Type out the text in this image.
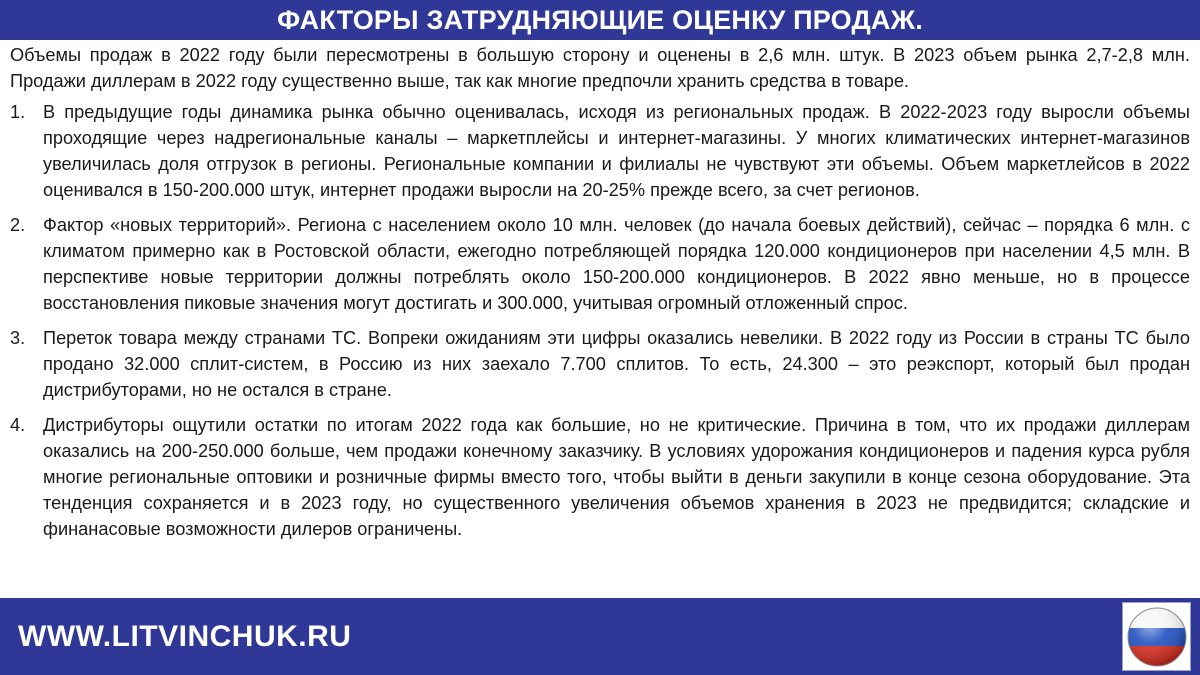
ФАКТОРЫ ЗАТРУДНЯЮЩИЕ ОЦЕНКУ ПРОДАЖ.

Объемы продаж в 2022 году были пересмотрены в большую сторону и оценены в 2,6 млн. штук. В 2023 объем рынка 2,7-2,8 млн. Продажи диллерам в 2022 году существенно выше, так как многие предпочли хранить средства в товаре.

1. В предыдущие годы динамика рынка обычно оценивалась, исходя из региональных продаж. В 2022-2023 году выросли объемы проходящие через надрегиональные каналы – маркетплейсы и интернет-магазины. У многих климатических интернет-магазинов увеличилась доля отгрузок в регионы. Региональные компании и филиалы не чувствуют эти объемы. Объем маркетлейсов в 2022 оценивался в 150-200.000 штук, интернет продажи выросли на 20-25% прежде всего, за счет регионов.
2. Фактор «новых территорий». Региона с населением около 10 млн. человек (до начала боевых действий), сейчас – порядка 6 млн. с климатом примерно как в Ростовской области, ежегодно потребляющей порядка 120.000 кондиционеров при населении 4,5 млн. В перспективе новые территории должны потреблять около 150-200.000 кондиционеров. В 2022 явно меньше, но в процессе восстановления пиковые значения могут достигать и 300.000, учитывая огромный отложенный спрос.
3. Переток товара между странами ТС. Вопреки ожиданиям эти цифры оказались невелики. В 2022 году из России в страны ТС было продано 32.000 сплит-систем, в Россию из них заехало 7.700 сплитов. То есть, 24.300 – это реэкспорт, который был продан дистрибуторами, но не остался в стране.
4. Дистрибуторы ощутили остатки по итогам 2022 года как большие, но не критические. Причина в том, что их продажи диллерам оказались на 200-250.000 больше, чем продажи конечному заказчику. В условиях удорожания кондиционеров и падения курса рубля многие региональные оптовики и розничные фирмы вместо того, чтобы выйти в деньги закупили в конце сезона оборудование. Эта тенденция сохраняется и в 2023 году, но существенного увеличения объемов хранения в 2023 не предвидится; складские и финанасовые возможности дилеров ограничены.
WWW.LITVINCHUK.RU
